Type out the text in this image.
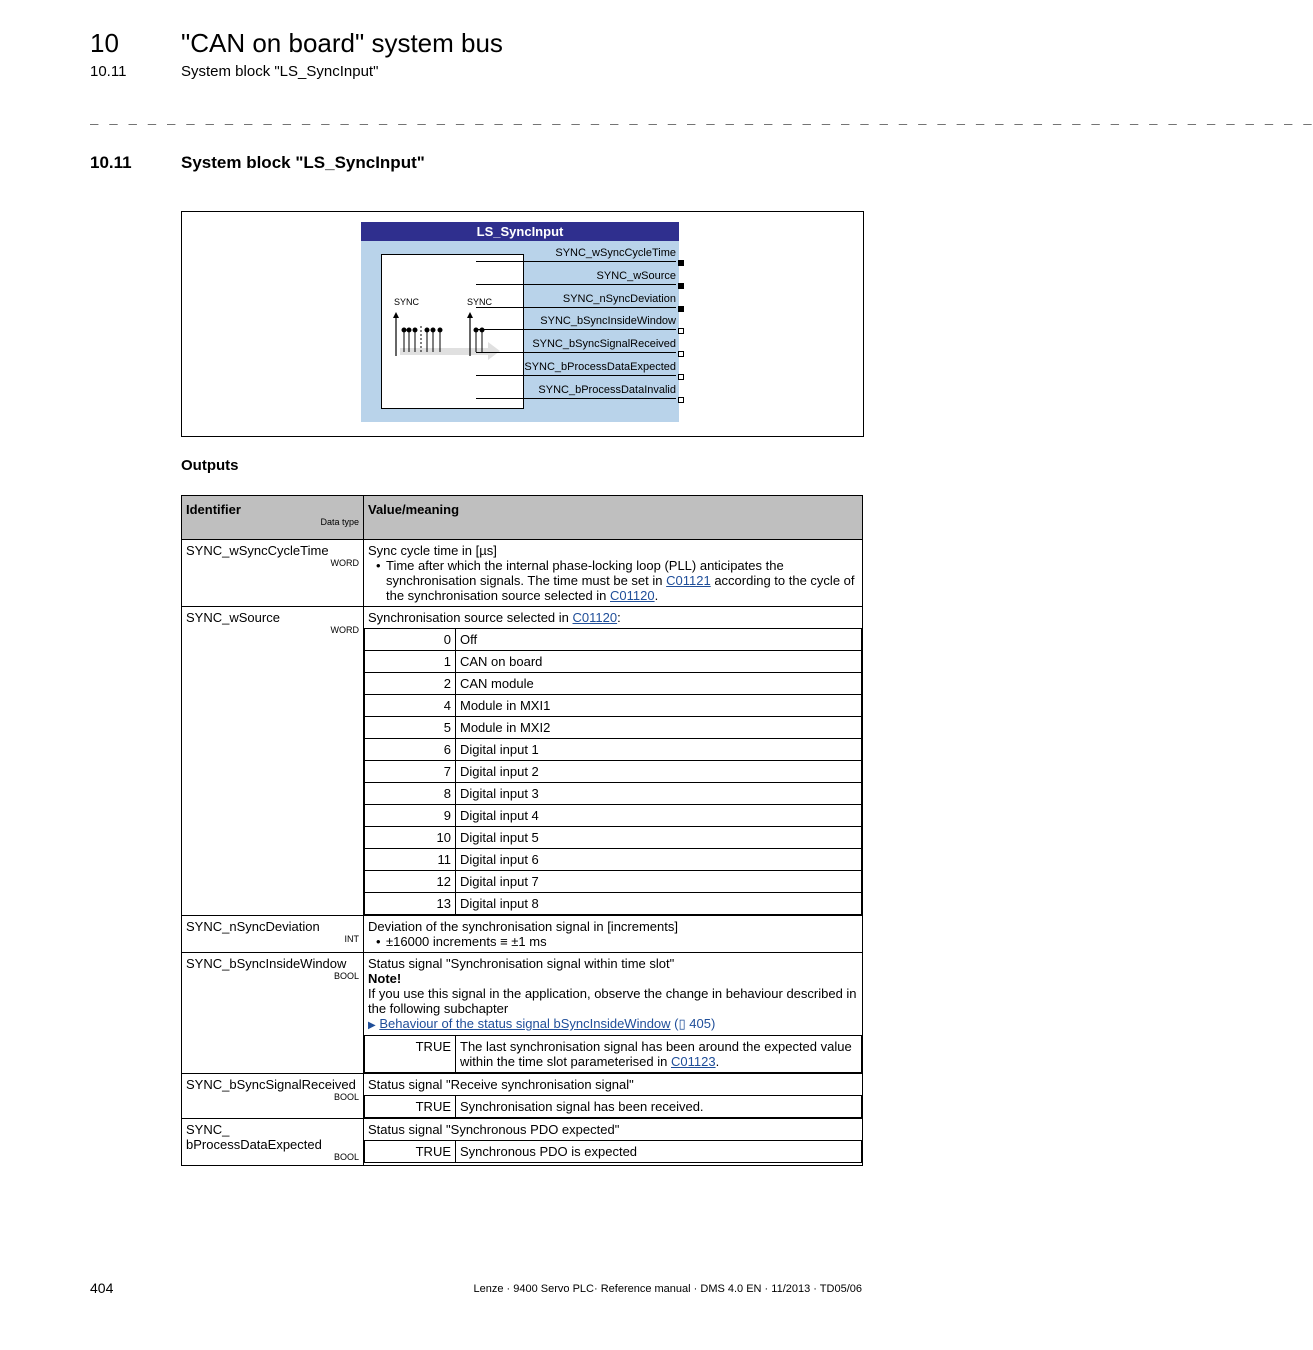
10 "CAN on board" system bus
10.11	System block "LS_SyncInput"
_ _ _ _ _ _ _ _ _ _ _ _ _ _ _ _ _ _ _ _ _ _ _ _ _ _ _ _ _ _ _ _ _ _ _ _ _ _ _ _ _ _ _ _ _ _ _ _ _ _ _ _ _ _ _ _ _ _ _ _ _ _ _ _
10.11	System block "LS_SyncInput"
LS_SyncInput
SYNC	SYNC
SYNC_wSyncCycleTime
SYNC_wSource
SYNC_nSyncDeviation
SYNC_bSyncInsideWindow
SYNC_bSyncSignalReceived
SYNC_bProcessDataExpected
SYNC_bProcessDataInvalid
Outputs
Identifier
Data type
	Value/meaning
SYNC_wSyncCycleTime
WORD

Sync cycle time in [µs]
• Time after which the internal phase-locking loop (PLL) anticipates the synchronisation signals. The time must be set in C01121 according to the cycle of the synchronisation source selected in C01120.

SYNC_wSource
WORD

Synchronisation source selected in C01120:
0	Off
1	CAN on board
2	CAN module
4	Module in MXI1
5	Module in MXI2
6	Digital input 1
7	Digital input 2
8	Digital input 3
9	Digital input 4
10	Digital input 5
11	Digital input 6
12	Digital input 7
13	Digital input 8

SYNC_nSyncDeviation
INT

Deviation of the synchronisation signal in [increments]
• ±16000 increments ≡ ±1 ms

SYNC_bSyncInsideWindow
BOOL

Status signal "Synchronisation signal within time slot"
Note!
If you use this signal in the application, observe the change in behaviour described in the following subchapter
▶ Behaviour of the status signal bSyncInsideWindow (▯ 405)
TRUE	The last synchronisation signal has been around the expected value within the time slot parameterised in C01123.

SYNC_bSyncSignalReceived
BOOL

Status signal "Receive synchronisation signal"
TRUE	Synchronisation signal has been received.

SYNC_
bProcessDataExpected
BOOL

Status signal "Synchronous PDO expected"
TRUE	Synchronous PDO is expected
404	Lenze · 9400 Servo PLC· Reference manual · DMS 4.0 EN · 11/2013 · TD05/06
